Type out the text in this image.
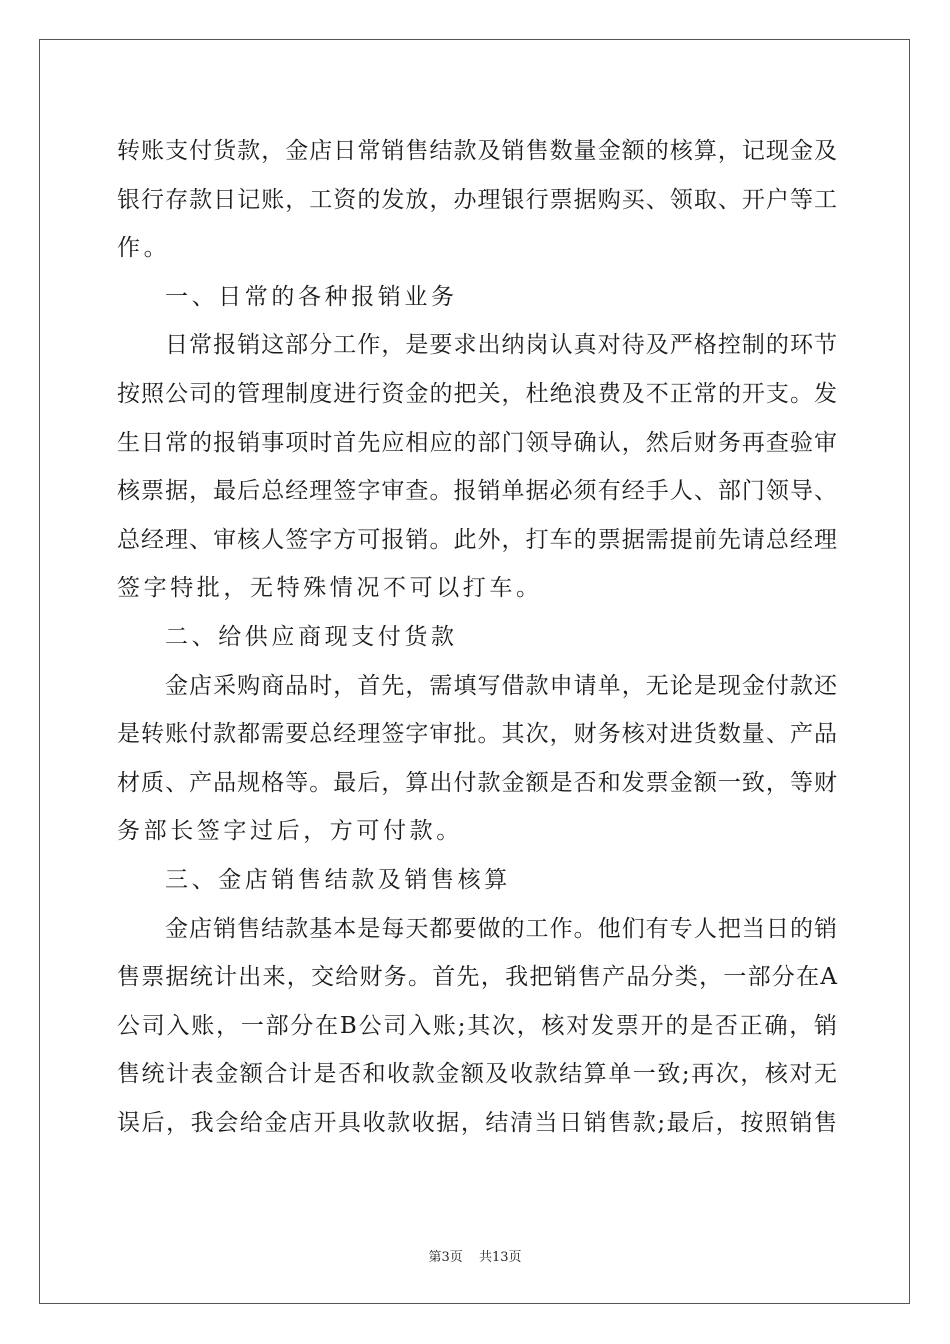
转账支付货款，金店日常销售结款及销售数量金额的核算，记现金及
银行存款日记账，工资的发放，办理银行票据购买、领取、开户等工
作。
一、日常的各种报销业务
日常报销这部分工作，是要求出纳岗认真对待及严格控制的环节
按照公司的管理制度进行资金的把关，杜绝浪费及不正常的开支。发
生日常的报销事项时首先应相应的部门领导确认，然后财务再查验审
核票据，最后总经理签字审查。报销单据必须有经手人、部门领导、
总经理、审核人签字方可报销。此外，打车的票据需提前先请总经理
签字特批，无特殊情况不可以打车。
二、给供应商现支付货款
金店采购商品时，首先，需填写借款申请单，无论是现金付款还
是转账付款都需要总经理签字审批。其次，财务核对进货数量、产品
材质、产品规格等。最后，算出付款金额是否和发票金额一致，等财
务部长签字过后，方可付款。
三、金店销售结款及销售核算
金店销售结款基本是每天都要做的工作。他们有专人把当日的销
售票据统计出来，交给财务。首先，我把销售产品分类，一部分在A
公司入账，一部分在B公司入账;其次，核对发票开的是否正确，销
售统计表金额合计是否和收款金额及收款结算单一致;再次，核对无
误后，我会给金店开具收款收据，结清当日销售款;最后，按照销售
第3页 共13页
